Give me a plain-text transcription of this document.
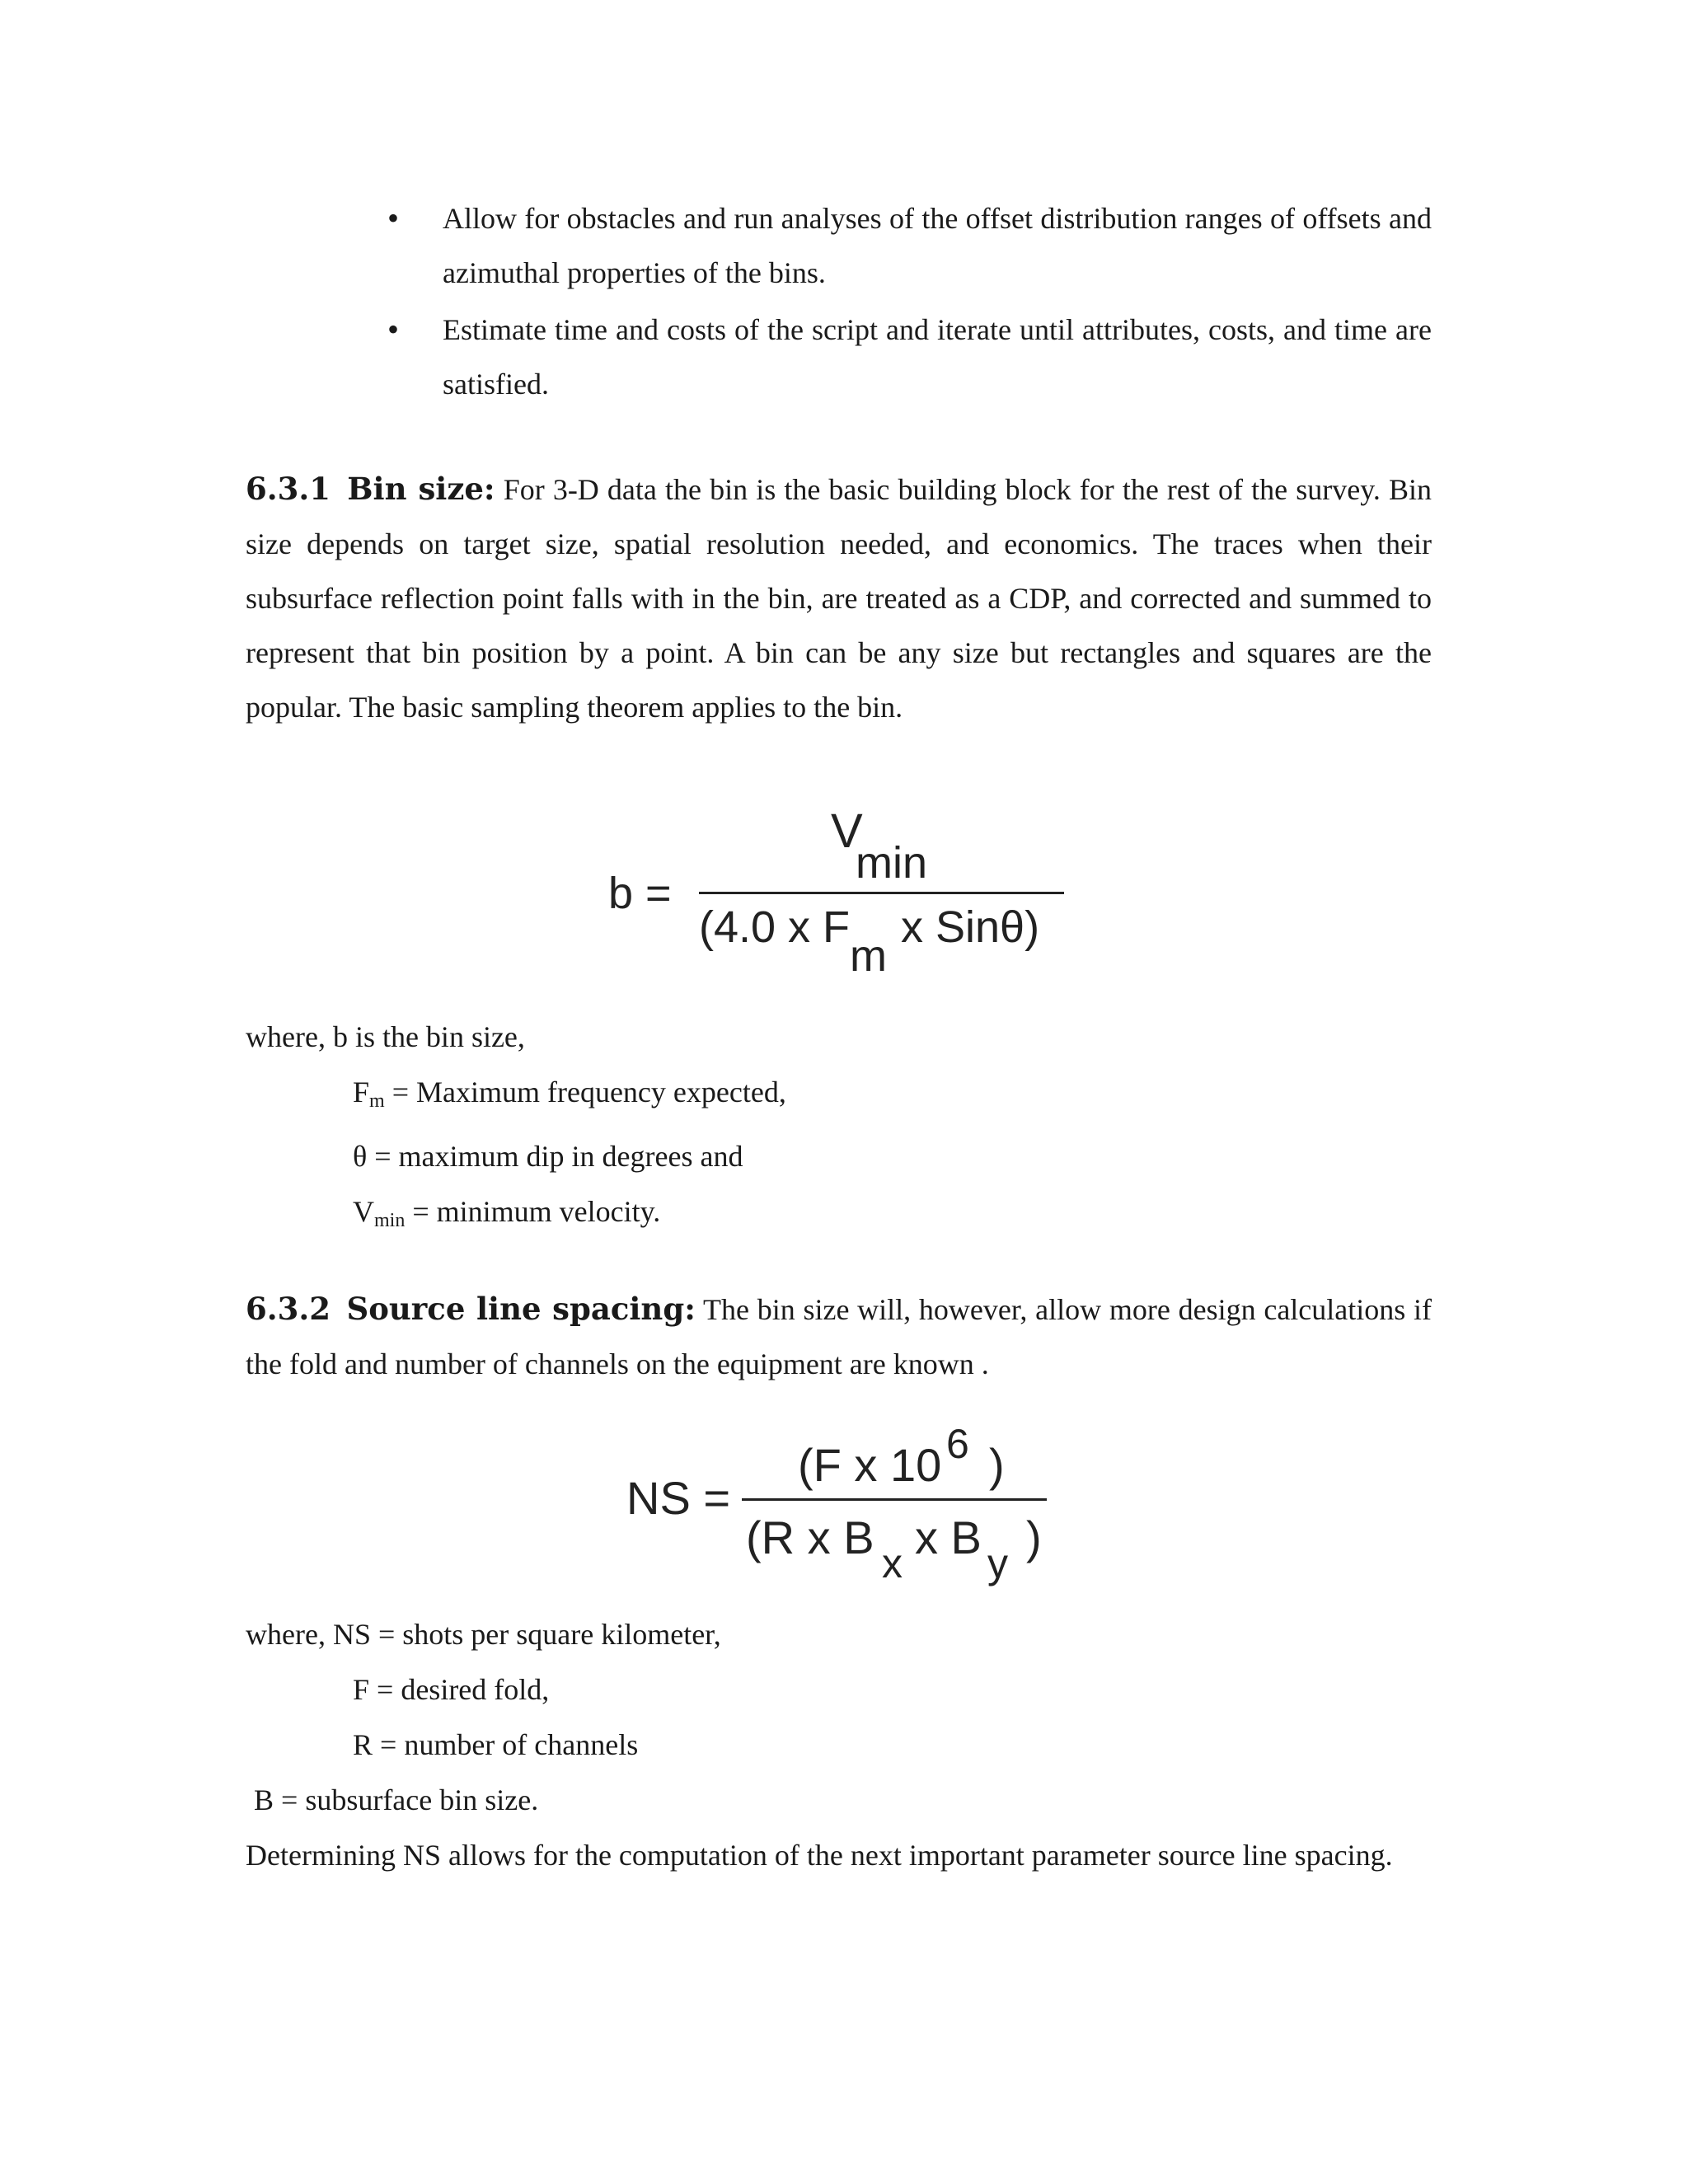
• Allow for obstacles and run analyses of the offset distribution ranges of offsets and azimuthal properties of the bins.
• Estimate time and costs of the script and iterate until attributes, costs, and time are satisfied.
6.3.1 Bin size: For 3-D data the bin is the basic building block for the rest of the survey. Bin size depends on target size, spatial resolution needed, and economics. The traces when their subsurface reflection point falls with in the bin, are treated as a CDP, and corrected and summed to represent that bin position by a point. A bin can be any size but rectangles and squares are the popular. The basic sampling theorem applies to the bin.
b =
V
min
(4.0 x F
m
x Sinθ)
where, b is the bin size,
$F_m$ = Maximum frequency expected,
θ = maximum dip in degrees and
$V_{min}$ = minimum velocity.
6.3.2 Source line spacing: The bin size will, however, allow more design calculations if the fold and number of channels on the equipment are known .
NS =
(F x 10 6 )
(R x B x x B y )
where, NS = shots per square kilometer,
F = desired fold,
R = number of channels
B = subsurface bin size.
Determining NS allows for the computation of the next important parameter source line spacing.
